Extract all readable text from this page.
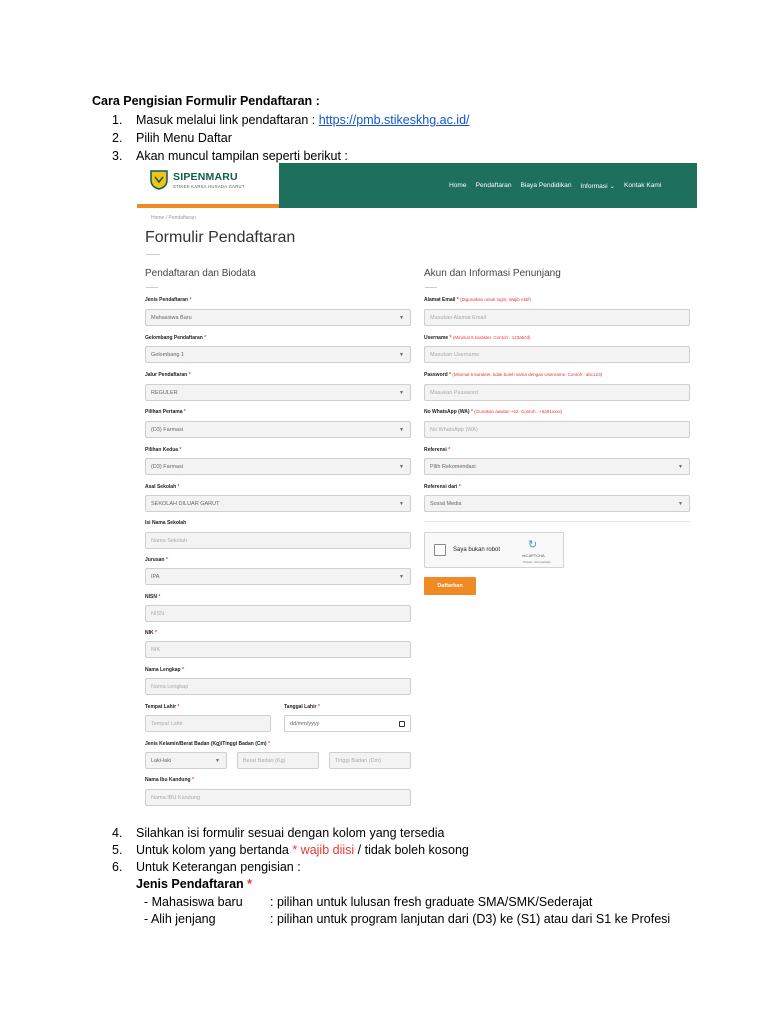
Cara Pengisian Formulir Pendaftaran :
1.	Masuk melalui link pendaftaran : https://pmb.stikeskhg.ac.id/
2.	Pilih Menu Daftar
3.	Akan muncul tampilan seperti berikut :
SIPENMARU
STIKES KARSA HUSADA GARUT	Home Pendaftaran Biaya Pendidikan Informasi ⌄ Kontak Kami
Home / Pendaftaran
Formulir Pendaftaran
Pendaftaran dan Biodata	Akun dan Informasi Penunjang
Jenis Pendaftaran *
Mahasiswa Baru	▼
Gelombang Pendaftaran *
Gelombang 1	▼
Jalur Pendaftaran *
REGULER	▼
Pilihan Pertama *
(D3) Farmasi	▼
Pilihan Kedua *
(D3) Farmasi	▼
Asal Sekolah *
SEKOLAH DILUAR GARUT	▼
Isi Nama Sekolah
Nama Sekolah
Jurusan *
IPA	▼
NISN *
NISN
NIK *
NIK
Nama Lengkap *
Nama Lengkap
Tempat Lahir *
Tempat Lahir
Tanggal Lahir *
dd/mm/yyyy
Jenis Kelamin/Berat Badan (Kg)/Tinggi Badan (Cm) *
Laki-laki	▼	Berat Badan (Kg)	Tinggi Badan (Cm)
Nama Ibu Kandung *
Nama IBU Kandung
Alamat Email * (Digunakan untuk login, Wajib Aktif)
Masukan Alamat Email
Username * (Minimal 6 karakter. Contoh : 123abcd)
Masukan Username
Password * (Minimal 6 karakter, tidak boleh sama dengan Username. Contoh : abc123)
Masukan Password
No WhatsApp (WA) * (Gunakan awalan +62. Contoh : +6281xxxx)
No WhatsApp (WA)
Referensi *
Pilih Rekomendasi	▼
Referensi dari *
Sosial Media	▼
Saya bukan robot	↻
reCAPTCHA
Privasi - Persyaratan
Daftarkan
4.	Silahkan isi formulir sesuai dengan kolom yang tersedia
5.	Untuk kolom yang bertanda * wajib diisi / tidak boleh kosong
6.	Untuk Keterangan pengisian :
Jenis Pendaftaran *
- Mahasiswa baru	: pilihan untuk lulusan fresh graduate SMA/SMK/Sederajat
- Alih jenjang	: pilihan untuk program lanjutan dari (D3) ke (S1) atau dari S1 ke Profesi
